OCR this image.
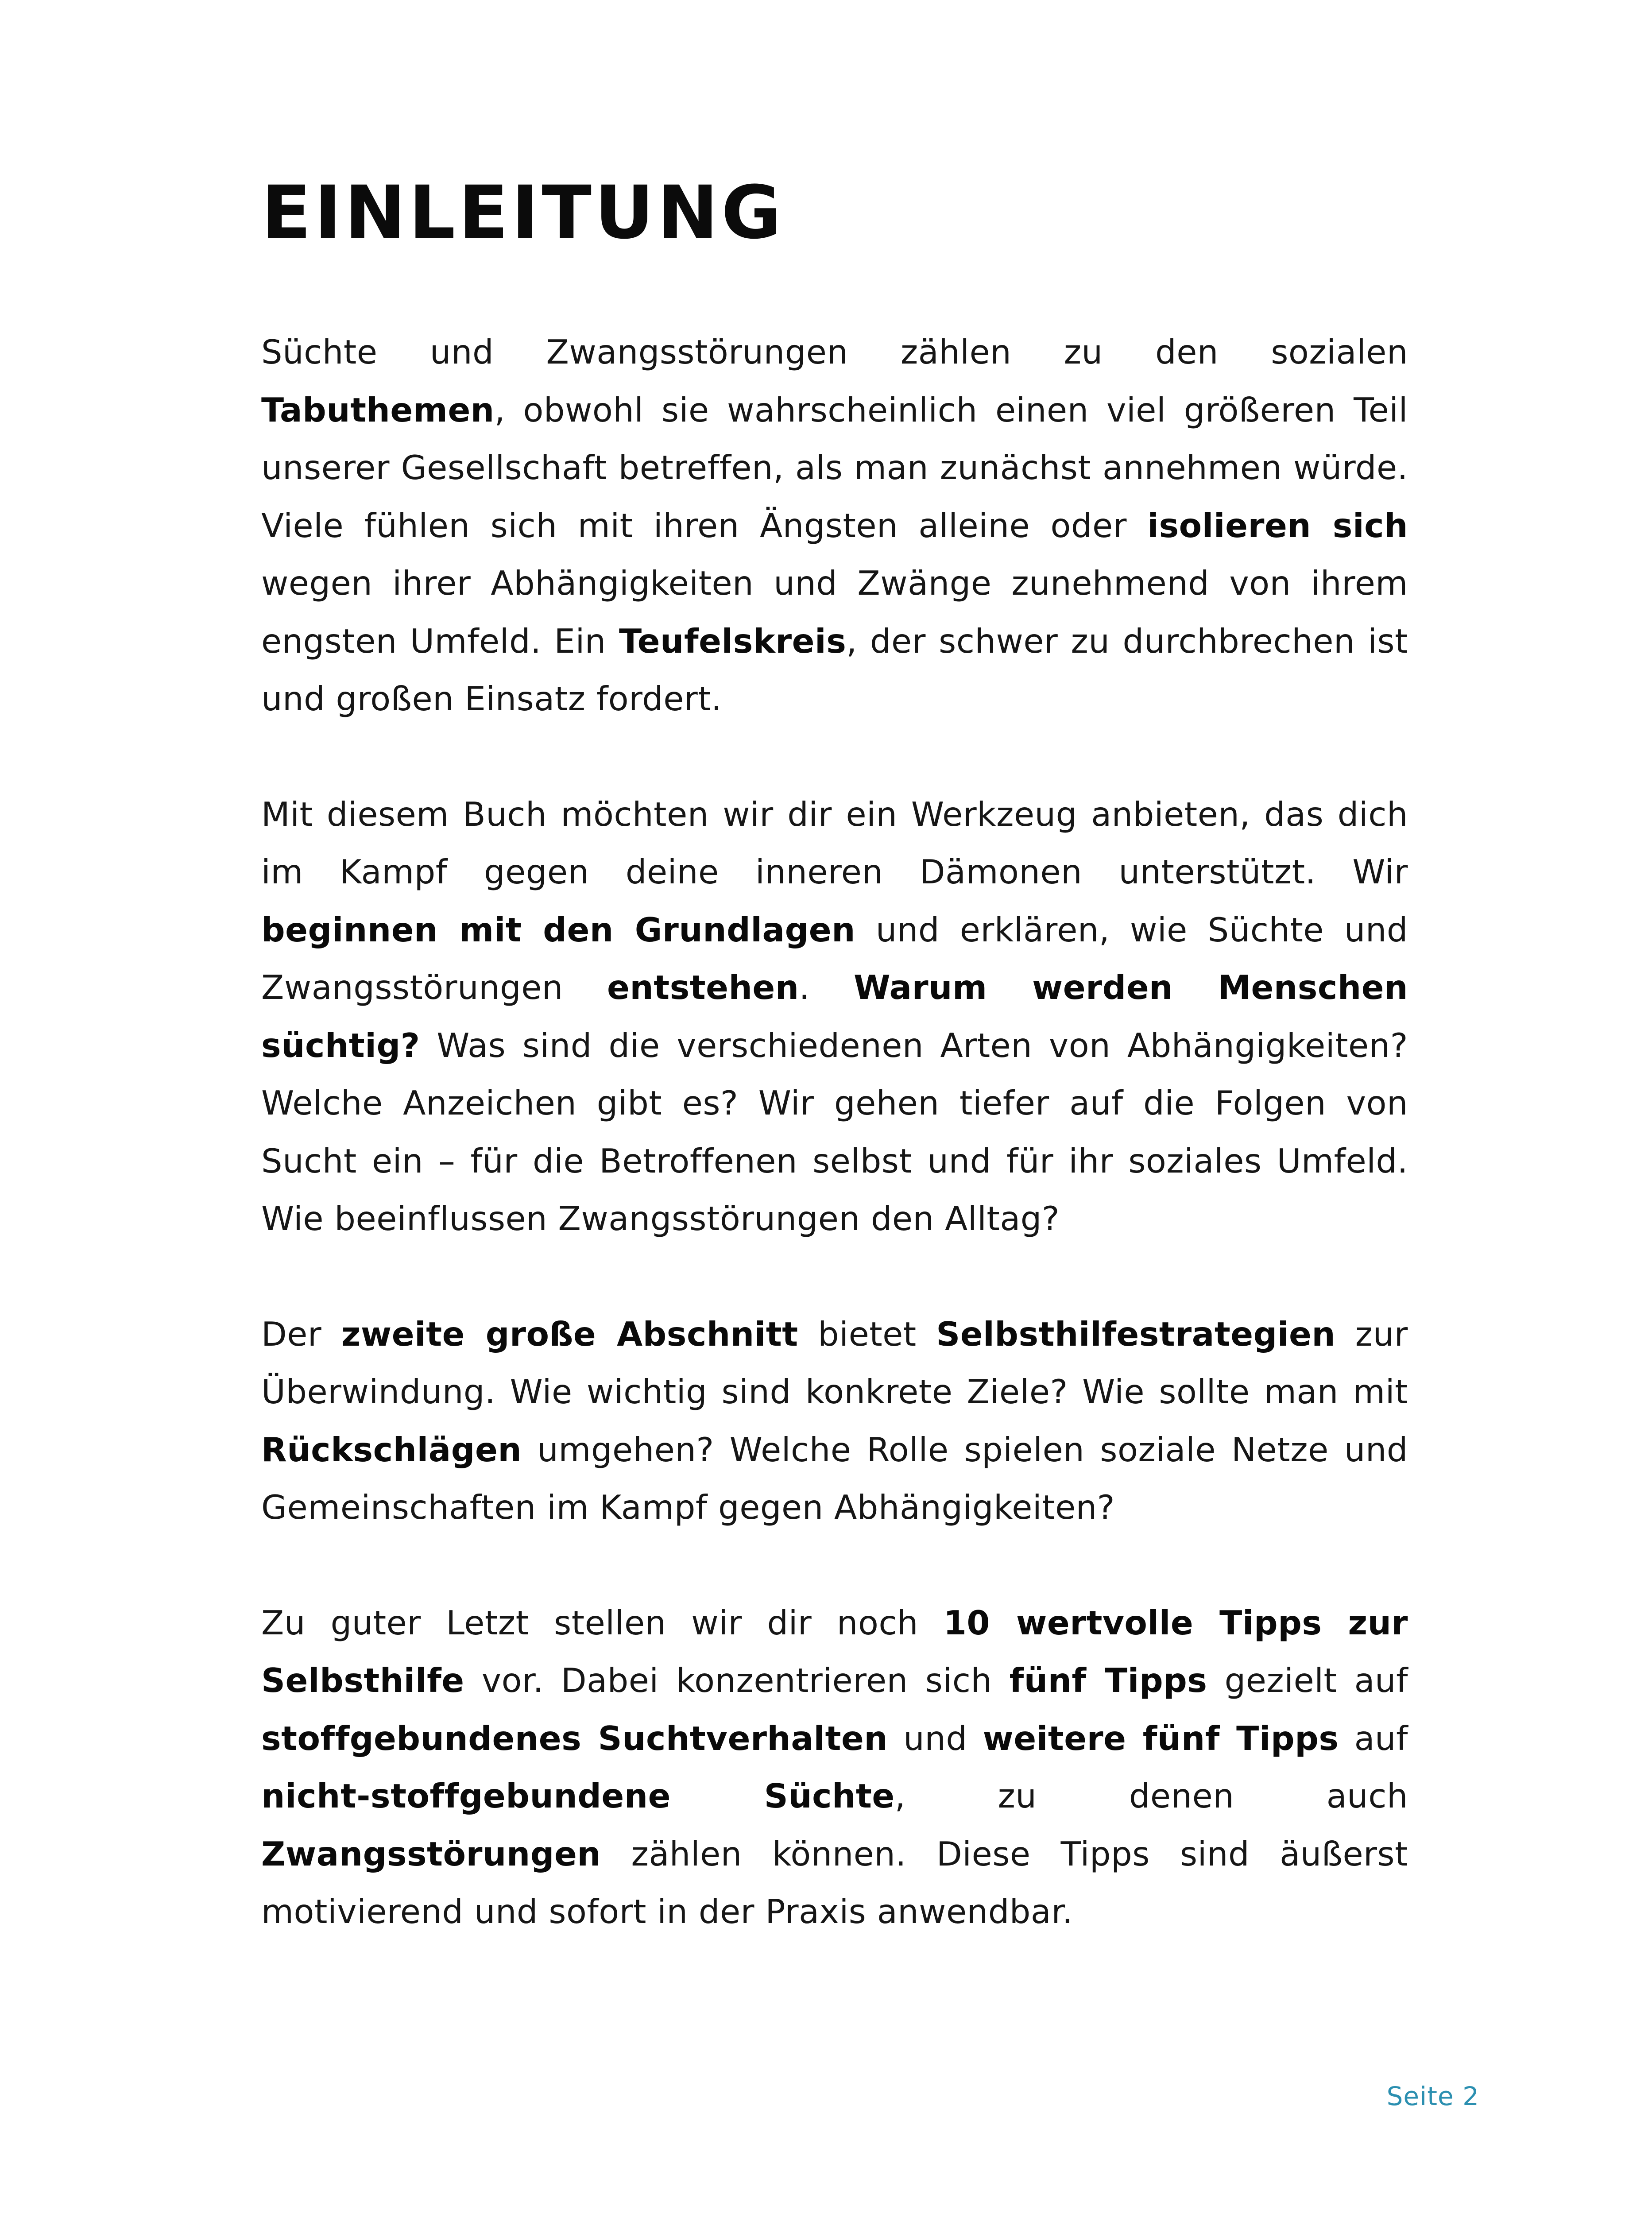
EINLEITUNG

Süchte und Zwangsstörungen zählen zu den sozialen Tabuthemen, obwohl sie wahrscheinlich einen viel größeren Teil unserer Gesellschaft betreffen, als man zunächst annehmen würde. Viele fühlen sich mit ihren Ängsten alleine oder isolieren sich wegen ihrer Abhängigkeiten und Zwänge zunehmend von ihrem engsten Umfeld. Ein Teufelskreis, der schwer zu durchbrechen ist und großen Einsatz fordert.

Mit diesem Buch möchten wir dir ein Werkzeug anbieten, das dich im Kampf gegen deine inneren Dämonen unterstützt. Wir beginnen mit den Grundlagen und erklären, wie Süchte und Zwangsstörungen entstehen. Warum werden Menschen süchtig? Was sind die verschiedenen Arten von Abhängigkeiten? Welche Anzeichen gibt es? Wir gehen tiefer auf die Folgen von Sucht ein – für die Betroffenen selbst und für ihr soziales Umfeld. Wie beeinflussen Zwangsstörungen den Alltag?

Der zweite große Abschnitt bietet Selbsthilfestrategien zur Überwindung. Wie wichtig sind konkrete Ziele? Wie sollte man mit Rückschlägen umgehen? Welche Rolle spielen soziale Netze und Gemeinschaften im Kampf gegen Abhängigkeiten?

Zu guter Letzt stellen wir dir noch 10 wertvolle Tipps zur Selbsthilfe vor. Dabei konzentrieren sich fünf Tipps gezielt auf stoffgebundenes Suchtverhalten und weitere fünf Tipps auf nicht-stoffgebundene Süchte, zu denen auch Zwangsstörungen zählen können. Diese Tipps sind äußerst motivierend und sofort in der Praxis anwendbar.

Seite 2
